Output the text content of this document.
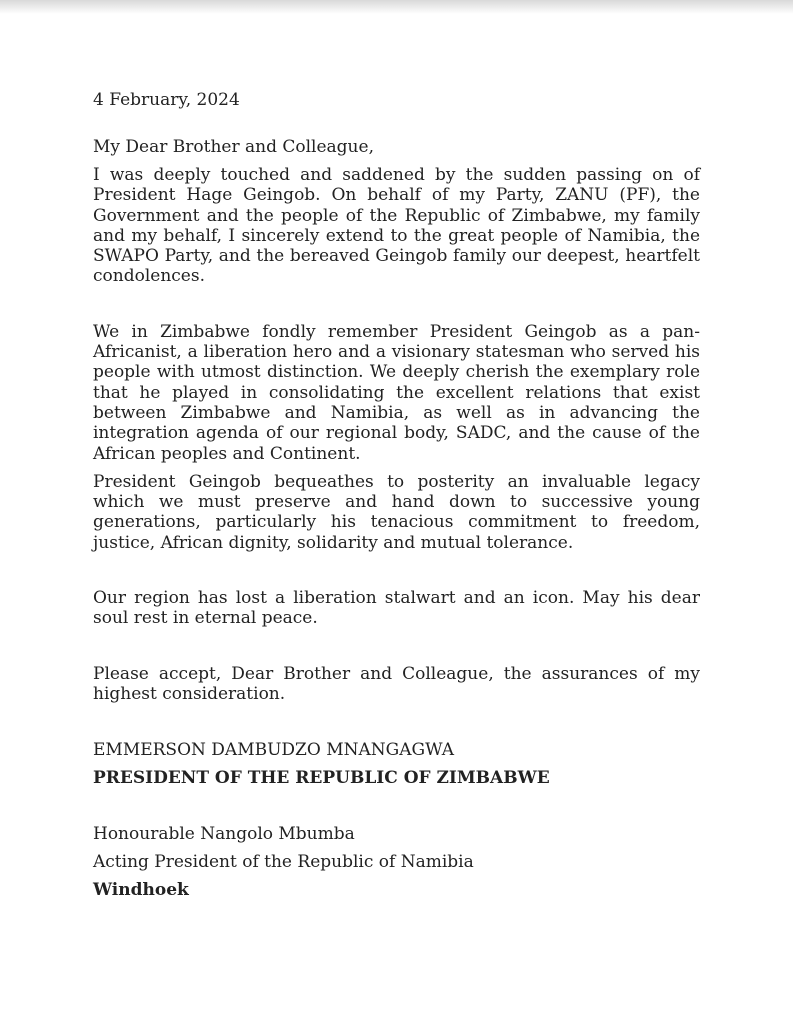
4 February, 2024

My Dear Brother and Colleague,

I was deeply touched and saddened by the sudden passing on of President Hage Geingob. On behalf of my Party, ZANU (PF), the Government and the people of the Republic of Zimbabwe, my family and my behalf, I sincerely extend to the great people of Namibia, the SWAPO Party, and the bereaved Geingob family our deepest, heartfelt condolences.

We in Zimbabwe fondly remember President Geingob as a pan-Africanist, a liberation hero and a visionary statesman who served his people with utmost distinction. We deeply cherish the exemplary role that he played in consolidating the excellent relations that exist between Zimbabwe and Namibia, as well as in advancing the integration agenda of our regional body, SADC, and the cause of the African peoples and Continent.

President Geingob bequeathes to posterity an invaluable legacy which we must preserve and hand down to successive young generations, particularly his tenacious commitment to freedom, justice, African dignity, solidarity and mutual tolerance.

Our region has lost a liberation stalwart and an icon. May his dear soul rest in eternal peace.

Please accept, Dear Brother and Colleague, the assurances of my highest consideration.

EMMERSON DAMBUDZO MNANGAGWA

PRESIDENT OF THE REPUBLIC OF ZIMBABWE

Honourable Nangolo Mbumba

Acting President of the Republic of Namibia

Windhoek
